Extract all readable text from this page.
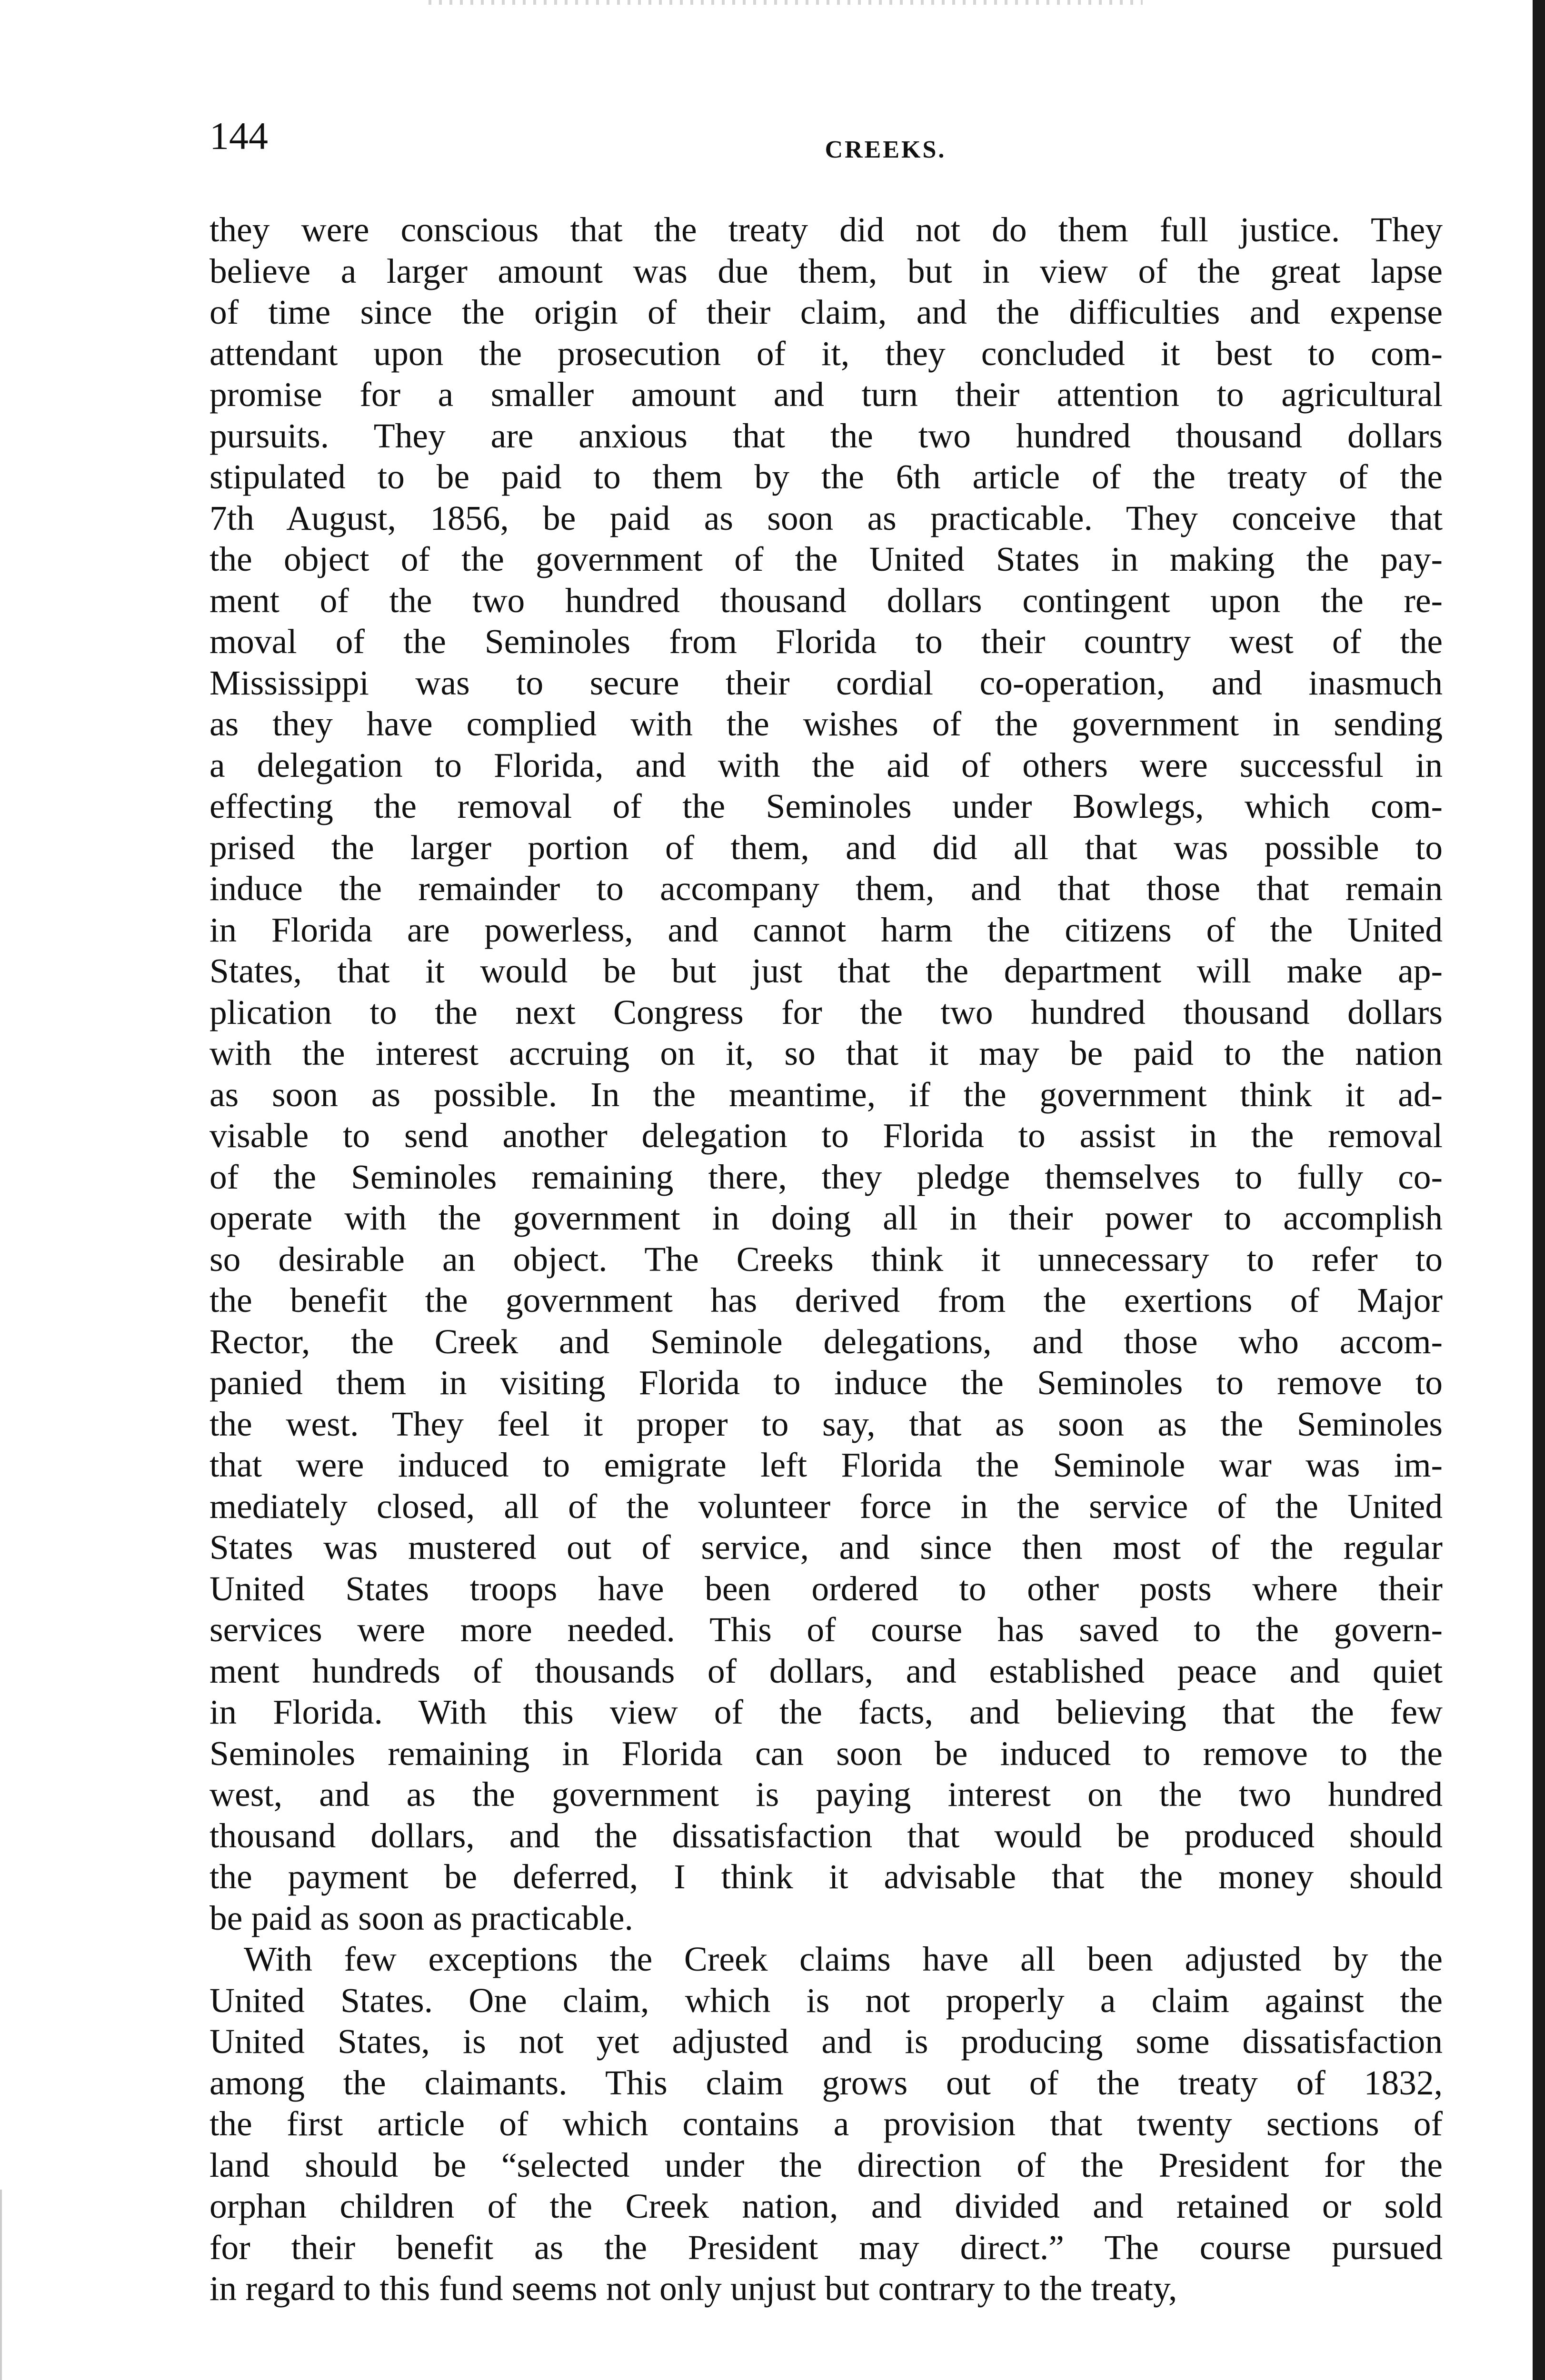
144	CREEKS.

they were conscious that the treaty did not do them full justice. They
believe a larger amount was due them, but in view of the great lapse
of time since the origin of their claim, and the difficulties and expense
attendant upon the prosecution of it, they concluded it best to com-
promise for a smaller amount and turn their attention to agricultural
pursuits. They are anxious that the two hundred thousand dollars
stipulated to be paid to them by the 6th article of the treaty of the
7th August, 1856, be paid as soon as practicable. They conceive that
the object of the government of the United States in making the pay-
ment of the two hundred thousand dollars contingent upon the re-
moval of the Seminoles from Florida to their country west of the
Mississippi was to secure their cordial co-operation, and inasmuch
as they have complied with the wishes of the government in sending
a delegation to Florida, and with the aid of others were successful in
effecting the removal of the Seminoles under Bowlegs, which com-
prised the larger portion of them, and did all that was possible to
induce the remainder to accompany them, and that those that remain
in Florida are powerless, and cannot harm the citizens of the United
States, that it would be but just that the department will make ap-
plication to the next Congress for the two hundred thousand dollars
with the interest accruing on it, so that it may be paid to the nation
as soon as possible. In the meantime, if the government think it ad-
visable to send another delegation to Florida to assist in the removal
of the Seminoles remaining there, they pledge themselves to fully co-
operate with the government in doing all in their power to accomplish
so desirable an object. The Creeks think it unnecessary to refer to
the benefit the government has derived from the exertions of Major
Rector, the Creek and Seminole delegations, and those who accom-
panied them in visiting Florida to induce the Seminoles to remove to
the west. They feel it proper to say, that as soon as the Seminoles
that were induced to emigrate left Florida the Seminole war was im-
mediately closed, all of the volunteer force in the service of the United
States was mustered out of service, and since then most of the regular
United States troops have been ordered to other posts where their
services were more needed. This of course has saved to the govern-
ment hundreds of thousands of dollars, and established peace and quiet
in Florida. With this view of the facts, and believing that the few
Seminoles remaining in Florida can soon be induced to remove to the
west, and as the government is paying interest on the two hundred
thousand dollars, and the dissatisfaction that would be produced should
the payment be deferred, I think it advisable that the money should
be paid as soon as practicable.

With few exceptions the Creek claims have all been adjusted by the
United States. One claim, which is not properly a claim against the
United States, is not yet adjusted and is producing some dissatisfaction
among the claimants. This claim grows out of the treaty of 1832,
the first article of which contains a provision that twenty sections of
land should be “selected under the direction of the President for the
orphan children of the Creek nation, and divided and retained or sold
for their benefit as the President may direct.” The course pursued
in regard to this fund seems not only unjust but contrary to the treaty,
